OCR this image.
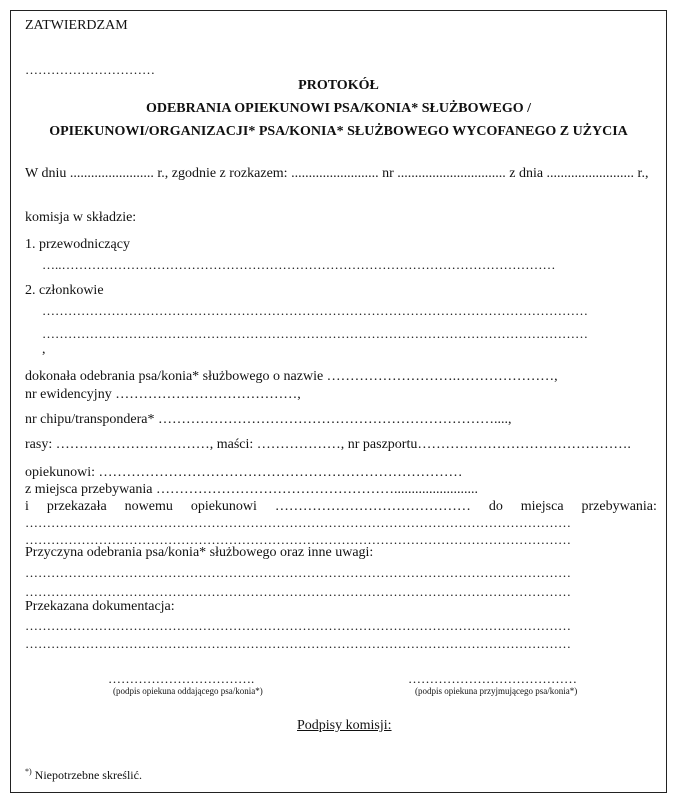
ZATWIERDZAM
…………………………
PROTOKÓŁ
ODEBRANIA OPIEKUNOWI PSA/KONIA* SŁUŻBOWEGO /
OPIEKUNOWI/ORGANIZACJI* PSA/KONIA* SŁUŻBOWEGO WYCOFANEGO Z UŻYCIA
W dniu ........................ r., zgodnie z rozkazem: ......................... nr ............................... z dnia ......................... r.,
komisja w składzie:
1. przewodniczący
…..……………………………………………………………………………………………………
2. członkowie
………………………………………………………………………………………………………………
………………………………………………………………………………………………………………
,
dokonała odebrania psa/konia* służbowego o nazwie ……………………….…………………,
nr ewidencyjny …………………………………,
nr chipu/transpondera* ………………………………………………………………....,
rasy: ……………………………, maści: ………………, nr paszportu……………………………………….
opiekunowi: ……………………………………………………………………
z miejsca przebywania ……………………………………………........................
i przekazała nowemu opiekunowi …………………………………… do miejsca przebywania:
………………………………………………………………………………………………………………
………………………………………………………………………………………………………………
Przyczyna odebrania psa/konia* służbowego oraz inne uwagi:
………………………………………………………………………………………………………………
………………………………………………………………………………………………………………
Przekazana dokumentacja:
………………………………………………………………………………………………………………
………………………………………………………………………………………………………………
…………………………….
(podpis opiekuna oddającego psa/konia*)
…………………………………
(podpis opiekuna przyjmującego psa/konia*)
Podpisy komisji:
*) Niepotrzebne skreślić.
